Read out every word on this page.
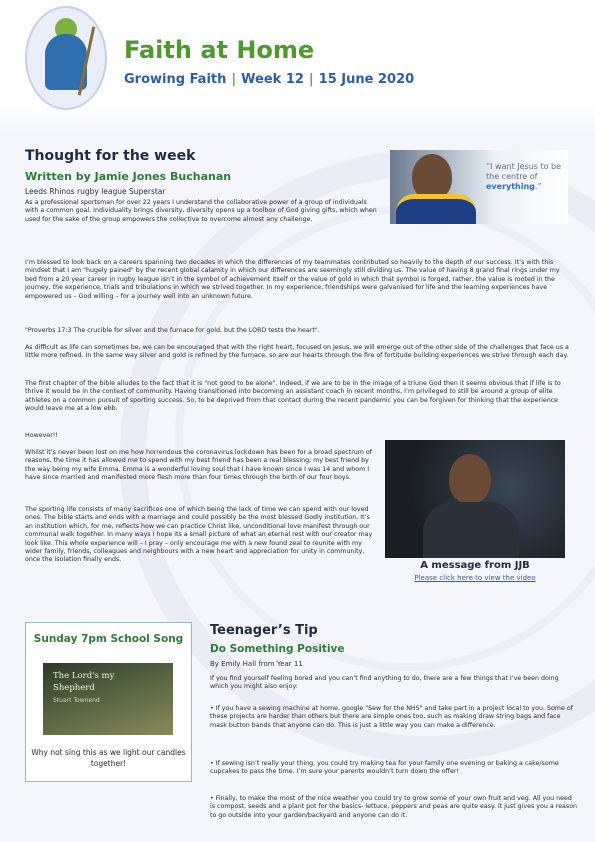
Faith at Home
Growing Faith | Week 12 | 15 June 2020
Thought for the week
Written by Jamie Jones Buchanan
Leeds Rhinos rugby league Superstar
“I want Jesus to be the centre of everything.”
As a professional sportsman for over 22 years I understand the collaborative power of a group of individuals with a common goal. Individuality brings diversity, diversity opens up a toolbox of God giving gifts, which when used for the sake of the group empowers the collective to overcome almost any challenge.
I’m blessed to look back on a careers spanning two decades in which the differences of my teammates contributed so heavily to the depth of our success. It’s with this mindset that I am "hugely pained" by the recent global calamity in which our differences are seemingly still dividing us. The value of having 8 grand final rings under my bed from a 20 year career in rugby league isn’t in the symbol of achievement itself or the value of gold in which that symbol is forged, rather, the value is rooted in the journey, the experience, trials and tribulations in which we strived together. In my experience, friendships were galvanised for life and the learning experiences have empowered us – God willing – for a journey well into an unknown future.
"Proverbs 17:3 The crucible for silver and the furnace for gold, but the LORD tests the heart".
As difficult as life can sometimes be, we can be encouraged that with the right heart, focused on Jesus, we will emerge out of the other side of the challenges that face us a little more refined. In the same way silver and gold is refined by the furnace, so are our hearts through the fire of fortitude building experiences we strive through each day.
The first chapter of the bible alludes to the fact that it is "not good to be alone". Indeed, if we are to be in the image of a triune God then it seems obvious that if life is to thrive it would be in the context of community. Having transitioned into becoming an assistant coach in recent months, I’m privileged to still be around a group of elite athletes on a common pursuit of sporting success. So, to be deprived from that contact during the recent pandemic you can be forgiven for thinking that the experience would leave me at a low ebb.
However!!
Whilst it’s never been lost on me how horrendous the coronavirus lockdown has been for a broad spectrum of reasons, the time it has allowed me to spend with my best friend has been a real blessing; my best friend by the way being my wife Emma. Emma is a wonderful loving soul that I have known since I was 14 and whom I have since married and manifested more flesh more than four times through the birth of our four boys.
The sporting life consists of many sacrifices one of which being the lack of time we can spend with our loved ones. The bible starts and ends with a marriage and could possibly be the most blessed Godly institution. It’s an institution which, for me, reflects how we can practice Christ like, unconditional love manifest through our communal walk together. In many ways I hope its a small picture of what an eternal rest with our creator may look like. This whole experience will – I pray – only encourage me with a new found zeal to reunite with my wider family, friends, colleagues and neighbours with a new heart and appreciation for unity in community, once the isolation finally ends.
A message from JJB
Please click here to view the video
Sunday 7pm School Song
The Lord's my
Shepherd
Stuart Townend
Why not sing this as we light our candles together!
Teenager’s Tip
Do Something Positive
By Emily Hall from Year 11
If you find yourself feeling bored and you can’t find anything to do, there are a few things that I’ve been doing which you might also enjoy:
• If you have a sewing machine at home, google "Sew for the NHS" and take part in a project local to you. Some of these projects are harder than others but there are simple ones too, such as making draw string bags and face mask button bands that anyone can do. This is just a little way you can make a difference.
• If sewing isn’t really your thing, you could try making tea for your family one evening or baking a cake/some cupcakes to pass the time. I’m sure your parents wouldn’t turn down the offer!
• Finally, to make the most of the nice weather you could try to grow some of your own fruit and veg. All you need is compost, seeds and a plant pot for the basics- lettuce, peppers and peas are quite easy. It just gives you a reason to go outside into your garden/backyard and anyone can do it.
